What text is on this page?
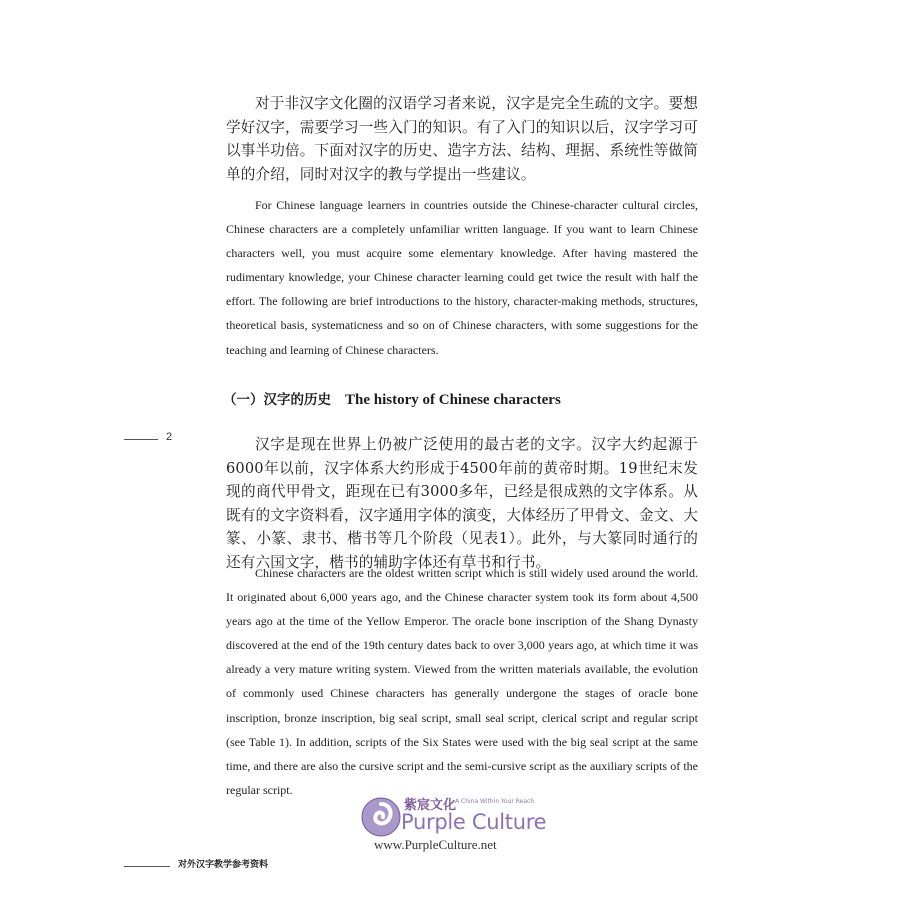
对于非汉字文化圈的汉语学习者来说，汉字是完全生疏的文字。要想学好汉字，需要学习一些入门的知识。有了入门的知识以后，汉字学习可以事半功倍。下面对汉字的历史、造字方法、结构、理据、系统性等做简单的介绍，同时对汉字的教与学提出一些建议。

For Chinese language learners in countries outside the Chinese-character cultural circles, Chinese characters are a completely unfamiliar written language. If you want to learn Chinese characters well, you must acquire some elementary knowledge. After having mastered the rudimentary knowledge, your Chinese character learning could get twice the result with half the effort. The following are brief introductions to the history, character-making methods, structures, theoretical basis, systematicness and so on of Chinese characters, with some suggestions for the teaching and learning of Chinese characters.

（一）汉字的历史 The history of Chinese characters
2	汉字是现在世界上仍被广泛使用的最古老的文字。汉字大约起源于6000年以前，汉字体系大约形成于4500年前的黄帝时期。19世纪末发现的商代甲骨文，距现在已有3000多年，已经是很成熟的文字体系。从既有的文字资料看，汉字通用字体的演变，大体经历了甲骨文、金文、大篆、小篆、隶书、楷书等几个阶段（见表1）。此外，与大篆同时通行的还有六国文字，楷书的辅助字体还有草书和行书。

Chinese characters are the oldest written script which is still widely used around the world. It originated about 6,000 years ago, and the Chinese character system took its form about 4,500 years ago at the time of the Yellow Emperor. The oracle bone inscription of the Shang Dynasty discovered at the end of the 19th century dates back to over 3,000 years ago, at which time it was already a very mature writing system. Viewed from the written materials available, the evolution of commonly used Chinese characters has generally undergone the stages of oracle bone inscription, bronze inscription, big seal script, small seal script, clerical script and regular script (see Table 1). In addition, scripts of the Six States were used with the big seal script at the same time, and there are also the cursive script and the semi-cursive script as the auxiliary scripts of the regular script.

紫宸文化
A China Within Your Reach
Purple Culture
www.PurpleCulture.net
对外汉字教学参考资料
